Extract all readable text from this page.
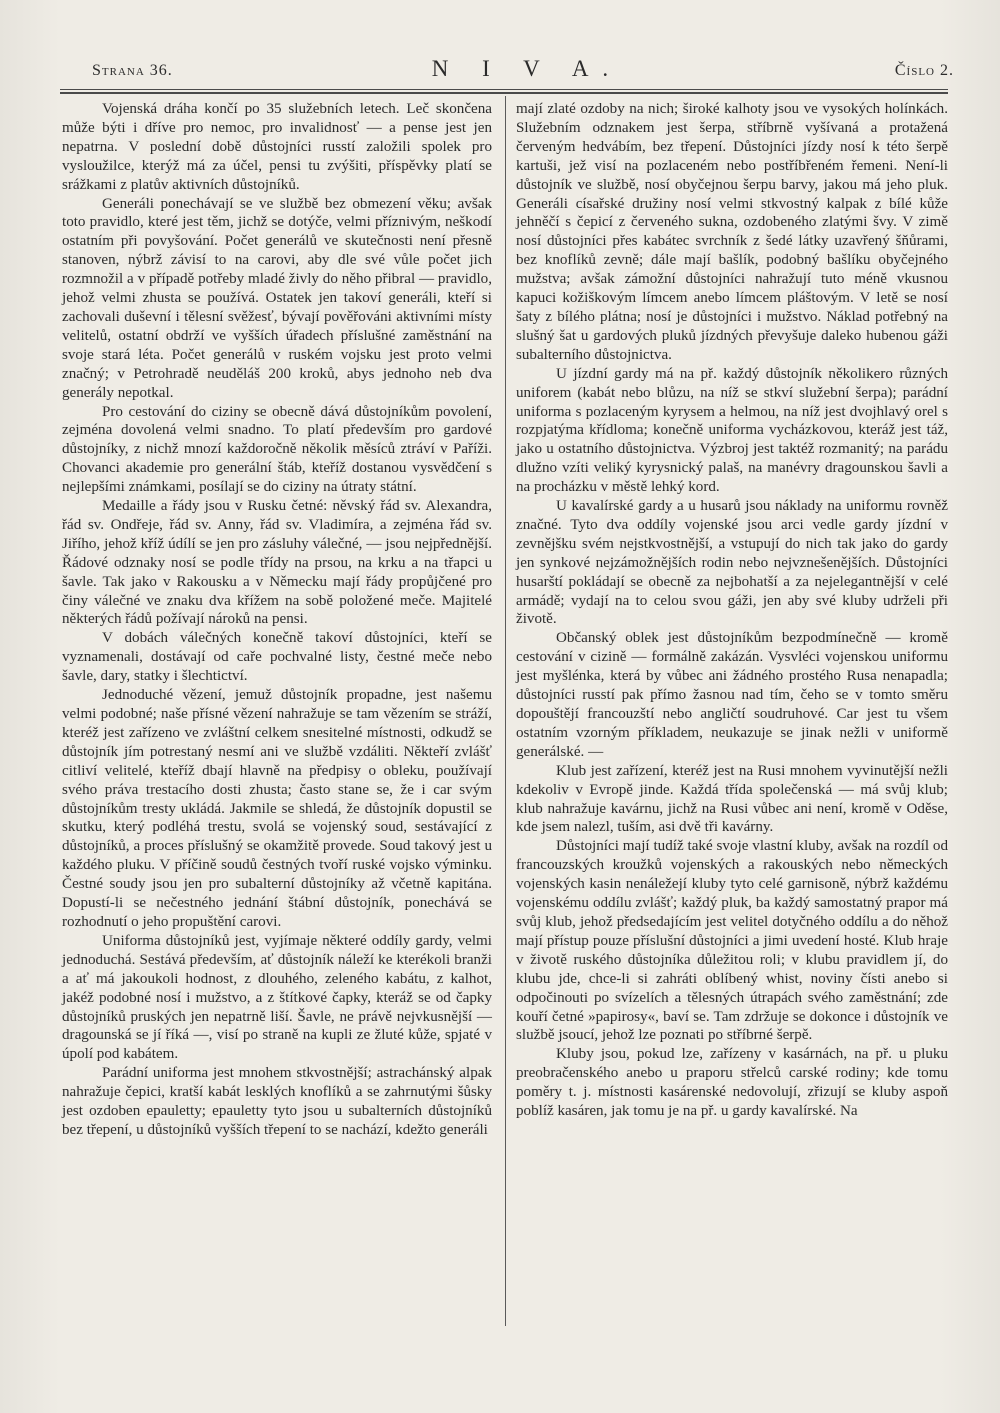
Strana 36.	N I V A.	Číslo 2.

Vojenská dráha končí po 35 služebních letech. Leč skončena může býti i dříve pro nemoc, pro invalidnosť — a pense jest jen nepatrna. V poslední době důstojníci russtí založili spolek pro vysloužilce, kterýž má za účel, pensi tu zvýšiti, příspěvky platí se srážkami z platův aktivních důstojníků.

Generáli ponechávají se ve službě bez obmezení věku; avšak toto pravidlo, které jest těm, jichž se dotýče, velmi příznivým, neškodí ostatním při povyšování. Počet generálů ve skutečnosti není přesně stanoven, nýbrž závisí to na carovi, aby dle své vůle počet jich rozmnožil a v případě potřeby mladé živly do něho přibral — pravidlo, jehož velmi zhusta se používá. Ostatek jen takoví generáli, kteří si zachovali duševní i tělesní svěžesť, bývají pověřováni aktivními místy velitelů, ostatní obdrží ve vyšších úřadech příslušné zaměstnání na svoje stará léta. Počet generálů v ruském vojsku jest proto velmi značný; v Petrohradě neuděláš 200 kroků, abys jednoho neb dva generály nepotkal.

Pro cestování do ciziny se obecně dává důstojníkům povolení, zejména dovolená velmi snadno. To platí především pro gardové důstojníky, z nichž mnozí každoročně několik měsíců ztráví v Paříži. Chovanci akademie pro generální štáb, kteříž dostanou vysvědčení s nejlepšími známkami, posílají se do ciziny na útraty státní.

Medaille a řády jsou v Rusku četné: něvský řád sv. Alexandra, řád sv. Ondřeje, řád sv. Anny, řád sv. Vladimíra, a zejména řád sv. Jiřího, jehož kříž údílí se jen pro zásluhy válečné, — jsou nejpřednější. Řádové odznaky nosí se podle třídy na prsou, na krku a na třapci u šavle. Tak jako v Rakousku a v Německu mají řády propůjčené pro činy válečné ve znaku dva křížem na sobě položené meče. Majitelé některých řádů požívají nároků na pensi.

V dobách válečných konečně takoví důstojníci, kteří se vyznamenali, dostávají od caře pochvalné listy, čestné meče nebo šavle, dary, statky i šlechtictví.

Jednoduché vězení, jemuž důstojník propadne, jest našemu velmi podobné; naše přísné vězení nahražuje se tam vězením se stráží, kteréž jest zařízeno ve zvláštní celkem snesitelné místnosti, odkudž se důstojník jím potrestaný nesmí ani ve službě vzdáliti. Někteří zvlášť citliví velitelé, kteříž dbají hlavně na předpisy o obleku, používají svého práva trestacího dosti zhusta; často stane se, že i car svým důstojníkům tresty ukládá. Jakmile se shledá, že důstojník dopustil se skutku, který podléhá trestu, svolá se vojenský soud, sestávající z důstojníků, a proces příslušný se okamžitě provede. Soud takový jest u každého pluku. V příčině soudů čestných tvoří ruské vojsko výminku. Čestné soudy jsou jen pro subalterní důstojníky až včetně kapitána. Dopustí-li se nečestného jednání štábní důstojník, ponechává se rozhodnutí o jeho propuštění carovi.

Uniforma důstojníků jest, vyjímaje některé oddíly gardy, velmi jednoduchá. Sestává především, ať důstojník náleží ke kterékoli branži a ať má jakoukoli hodnost, z dlouhého, zeleného kabátu, z kalhot, jakéž podobné nosí i mužstvo, a z štítkové čapky, kteráž se od čapky důstojníků pruských jen nepatrně liší. Šavle, ne právě nejvkusnější — dragounská se jí říká —, visí po straně na kupli ze žluté kůže, spjaté v úpolí pod kabátem.

Parádní uniforma jest mnohem stkvostnější; astrachánský alpak nahražuje čepici, kratší kabát lesklých knoflíků a se zahrnutými šůsky jest ozdoben epauletty; epauletty tyto jsou u subalterních důstojníků bez třepení, u důstojníků vyšších třepení to se nachází, kdežto generáli

mají zlaté ozdoby na nich; široké kalhoty jsou ve vysokých holínkách. Služebním odznakem jest šerpa, stříbrně vyšívaná a protažená červeným hedvábím, bez třepení. Důstojníci jízdy nosí k této šerpě kartuši, jež visí na pozlaceném nebo postříbřeném řemeni. Není-li důstojník ve službě, nosí obyčejnou šerpu barvy, jakou má jeho pluk. Generáli císařské družiny nosí velmi stkvostný kalpak z bílé kůže jehněčí s čepicí z červeného sukna, ozdobeného zlatými švy. V zimě nosí důstojníci přes kabátec svrchník z šedé látky uzavřený šňůrami, bez knoflíků zevně; dále mají bašlík, podobný bašlíku obyčejného mužstva; avšak zámožní důstojníci nahražují tuto méně vkusnou kapuci kožiškovým límcem anebo límcem pláštovým. V letě se nosí šaty z bílého plátna; nosí je důstojníci i mužstvo. Náklad potřebný na slušný šat u gardových pluků jízdných převyšuje daleko hubenou gáži subalterního důstojnictva.

U jízdní gardy má na př. každý důstojník několikero různých uniforem (kabát nebo blůzu, na níž se stkví služební šerpa); parádní uniforma s pozlaceným kyrysem a helmou, na níž jest dvojhlavý orel s rozpjatýma křídloma; konečně uniforma vycházkovou, kteráž jest táž, jako u ostatního důstojnictva. Výzbroj jest taktéž rozmanitý; na parádu dlužno vzíti veliký kyrysnický palaš, na manévry dragounskou šavli a na procházku v městě lehký kord.

U kavalírské gardy a u husarů jsou náklady na uniformu rovněž značné. Tyto dva oddíly vojenské jsou arci vedle gardy jízdní v zevnějšku svém nejstkvostnější, a vstupují do nich tak jako do gardy jen synkové nejzámožnějších rodin nebo nejvznešenějších. Důstojníci husarští pokládají se obecně za nejbohatší a za nejelegantnější v celé armádě; vydají na to celou svou gáži, jen aby své kluby udrželi při životě.

Občanský oblek jest důstojníkům bezpodmínečně — kromě cestování v cizině — formálně zakázán. Vysvléci vojenskou uniformu jest myšlénka, která by vůbec ani žádného prostého Rusa nenapadla; důstojníci russtí pak přímo žasnou nad tím, čeho se v tomto směru dopouštějí francouzští nebo angličtí soudruhové. Car jest tu všem ostatním vzorným příkladem, neukazuje se jinak nežli v uniformě generálské. —

Klub jest zařízení, kteréž jest na Rusi mnohem vyvinutější nežli kdekoliv v Evropě jinde. Každá třída společenská — má svůj klub; klub nahražuje kavárnu, jichž na Rusi vůbec ani není, kromě v Oděse, kde jsem nalezl, tuším, asi dvě tři kavárny.

Důstojníci mají tudíž také svoje vlastní kluby, avšak na rozdíl od francouzských kroužků vojenských a rakouských nebo německých vojenských kasin nenáležejí kluby tyto celé garnisoně, nýbrž každému vojenskému oddílu zvlášť; každý pluk, ba každý samostatný prapor má svůj klub, jehož předsedajícím jest velitel dotyčného oddílu a do něhož mají přístup pouze příslušní důstojníci a jimi uvedení hosté. Klub hraje v životě ruského důstojníka důležitou roli; v klubu pravidlem jí, do klubu jde, chce-li si zahráti oblíbený whist, noviny čísti anebo si odpočinouti po svízelích a tělesných útrapách svého zaměstnání; zde kouří četné »papirosy«, baví se. Tam zdržuje se dokonce i důstojník ve službě jsoucí, jehož lze poznati po stříbrné šerpě.

Kluby jsou, pokud lze, zařízeny v kasárnách, na př. u pluku preobračenského anebo u praporu střelců carské rodiny; kde tomu poměry t. j. místnosti kasárenské nedovolují, zřizují se kluby aspoň poblíž kasáren, jak tomu je na př. u gardy kavalírské. Na
